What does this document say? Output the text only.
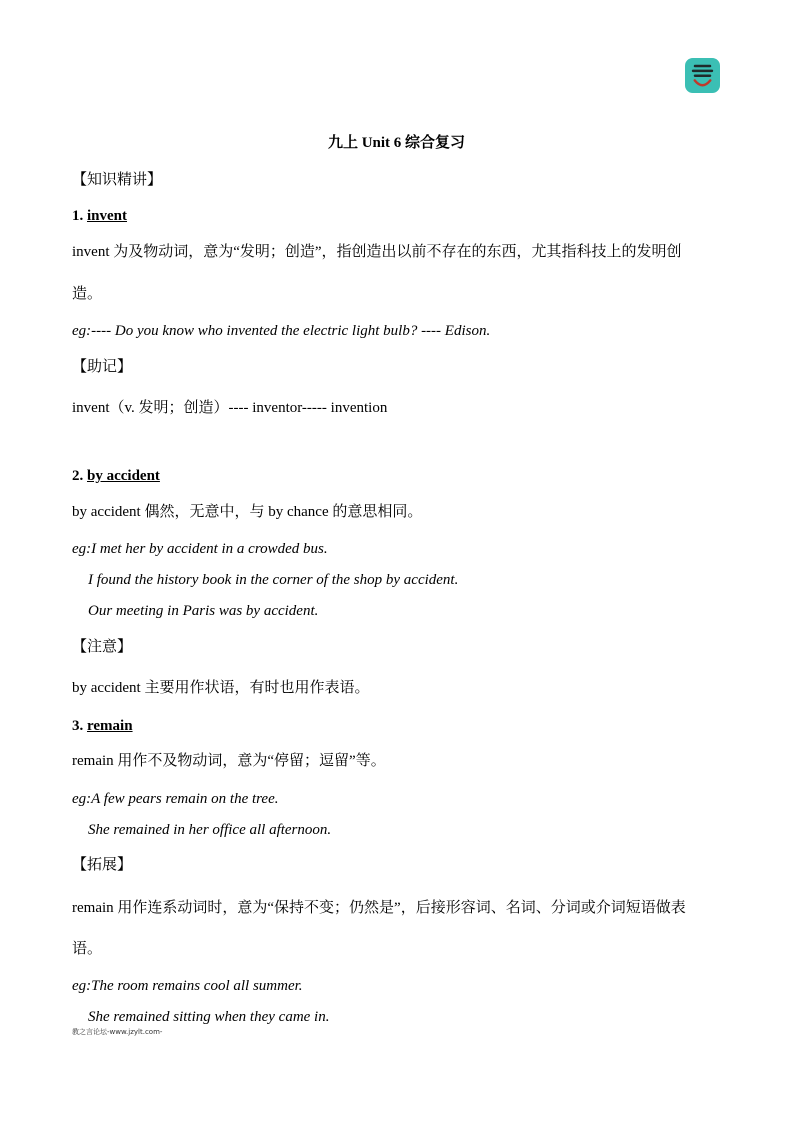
九上 Unit 6 综合复习
【知识精讲】
1. invent
invent 为及物动词，意为“发明；创造”，指创造出以前不存在的东西，尤其指科技上的发明创
造。
eg:---- Do you know who invented the electric light bulb? ---- Edison.
【助记】
invent（v. 发明；创造）---- inventor----- invention
2. by accident
by accident 偶然，无意中，与 by chance 的意思相同。
eg:I met her by accident in a crowded bus.
I found the history book in the corner of the shop by accident.
Our meeting in Paris was by accident.
【注意】
by accident 主要用作状语，有时也用作表语。
3. remain
remain 用作不及物动词，意为“停留；逗留”等。
eg:A few pears remain on the tree.
She remained in her office all afternoon.
【拓展】
remain 用作连系动词时，意为“保持不变；仍然是”，后接形容词、名词、分词或介词短语做表
语。
eg:The room remains cool all summer.
She remained sitting when they came in.
教之言论坛-www.jzylt.com-
